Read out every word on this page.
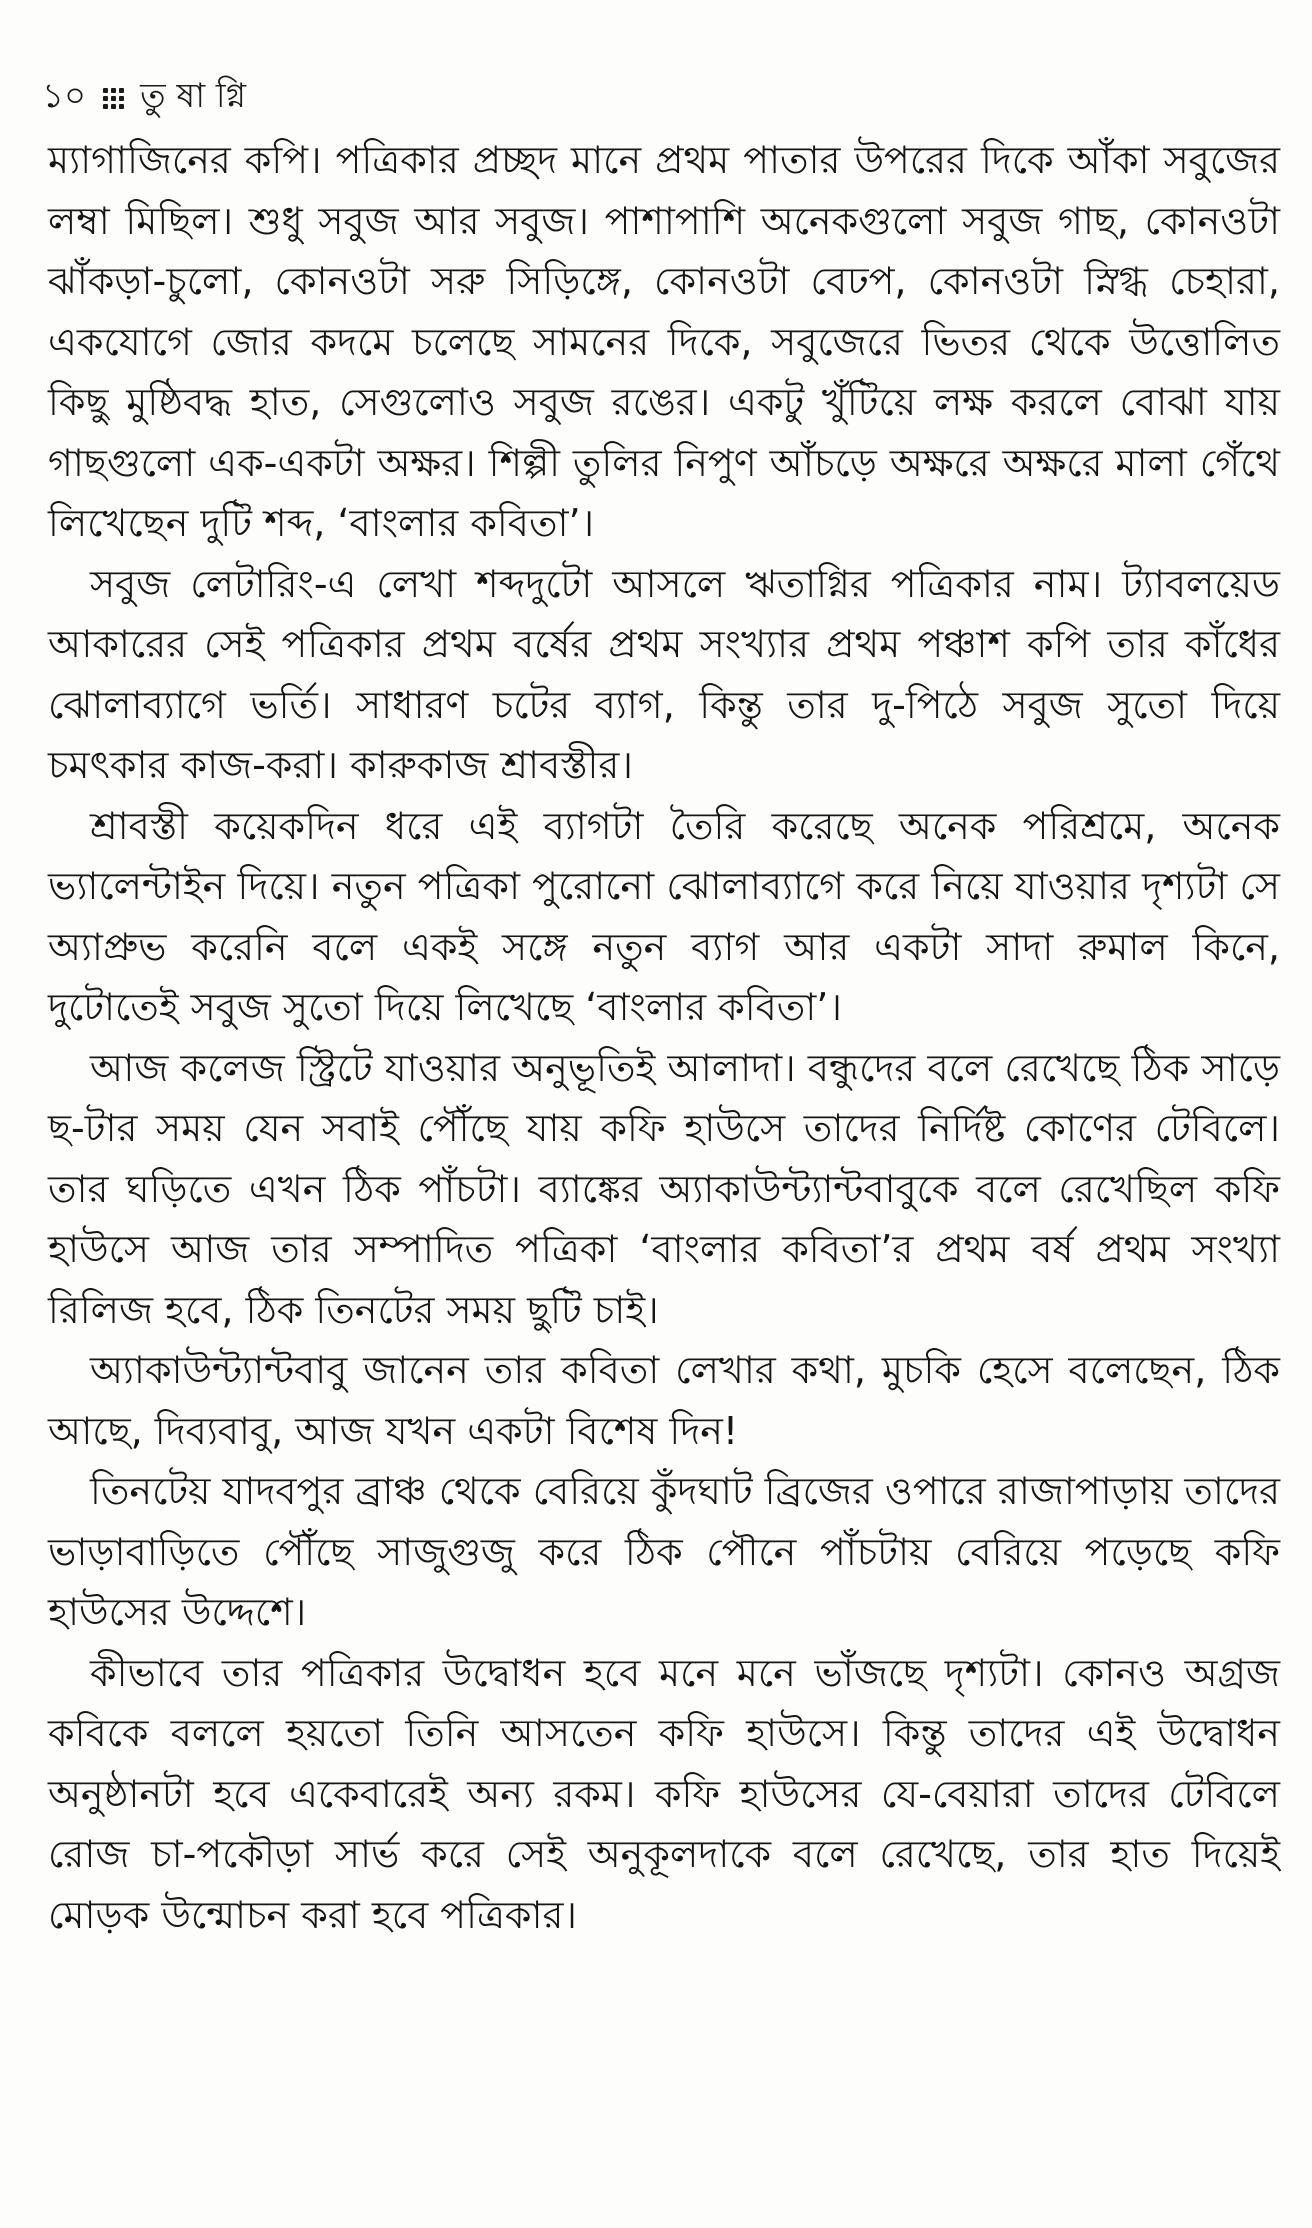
১০ তু ষা গ্নি

ম্যাগাজিনের কপি। পত্রিকার প্রচ্ছদ মানে প্রথম পাতার উপরের দিকে আঁকা সবুজের লম্বা মিছিল। শুধু সবুজ আর সবুজ। পাশাপাশি অনেকগুলো সবুজ গাছ, কোনওটা ঝাঁকড়া-চুলো, কোনওটা সরু সিড়িঙ্গে, কোনওটা বেঢপ, কোনওটা স্নিগ্ধ চেহারা, একযোগে জোর কদমে চলেছে সামনের দিকে, সবুজেরে ভিতর থেকে উত্তোলিত কিছু মুষ্ঠিবদ্ধ হাত, সেগুলোও সবুজ রঙের। একটু খুঁটিয়ে লক্ষ করলে বোঝা যায় গাছগুলো এক-একটা অক্ষর। শিল্পী তুলির নিপুণ আঁচড়ে অক্ষরে অক্ষরে মালা গেঁথে লিখেছেন দুটি শব্দ, ‘বাংলার কবিতা’।

সবুজ লেটারিং-এ লেখা শব্দদুটো আসলে ঋতাগ্নির পত্রিকার নাম। ট্যাবলয়েড আকারের সেই পত্রিকার প্রথম বর্ষের প্রথম সংখ্যার প্রথম পঞ্চাশ কপি তার কাঁধের ঝোলাব্যাগে ভর্তি। সাধারণ চটের ব্যাগ, কিন্তু তার দু-পিঠে সবুজ সুতো দিয়ে চমৎকার কাজ-করা। কারুকাজ শ্রাবস্তীর।

শ্রাবস্তী কয়েকদিন ধরে এই ব্যাগটা তৈরি করেছে অনেক পরিশ্রমে, অনেক ভ্যালেন্টাইন দিয়ে। নতুন পত্রিকা পুরোনো ঝোলাব্যাগে করে নিয়ে যাওয়ার দৃশ্যটা সে অ্যাপ্রুভ করেনি বলে একই সঙ্গে নতুন ব্যাগ আর একটা সাদা রুমাল কিনে, দুটোতেই সবুজ সুতো দিয়ে লিখেছে ‘বাংলার কবিতা’।

আজ কলেজ স্ট্রিটে যাওয়ার অনুভূতিই আলাদা। বন্ধুদের বলে রেখেছে ঠিক সাড়ে ছ-টার সময় যেন সবাই পৌঁছে যায় কফি হাউসে তাদের নির্দিষ্ট কোণের টেবিলে। তার ঘড়িতে এখন ঠিক পাঁচটা। ব্যাঙ্কের অ্যাকাউন্ট্যান্টবাবুকে বলে রেখেছিল কফি হাউসে আজ তার সম্পাদিত পত্রিকা ‘বাংলার কবিতা’র প্রথম বর্ষ প্রথম সংখ্যা রিলিজ হবে, ঠিক তিনটের সময় ছুটি চাই।

অ্যাকাউন্ট্যান্টবাবু জানেন তার কবিতা লেখার কথা, মুচকি হেসে বলেছেন, ঠিক আছে, দিব্যবাবু, আজ যখন একটা বিশেষ দিন!

তিনটেয় যাদবপুর ব্রাঞ্চ থেকে বেরিয়ে কুঁদঘাট ব্রিজের ওপারে রাজাপাড়ায় তাদের ভাড়াবাড়িতে পৌঁছে সাজুগুজু করে ঠিক পৌনে পাঁচটায় বেরিয়ে পড়েছে কফি হাউসের উদ্দেশে।

কীভাবে তার পত্রিকার উদ্বোধন হবে মনে মনে ভাঁজছে দৃশ্যটা। কোনও অগ্রজ কবিকে বললে হয়তো তিনি আসতেন কফি হাউসে। কিন্তু তাদের এই উদ্বোধন অনুষ্ঠানটা হবে একেবারেই অন্য রকম। কফি হাউসের যে-বেয়ারা তাদের টেবিলে রোজ চা-পকৌড়া সার্ভ করে সেই অনুকূলদাকে বলে রেখেছে, তার হাত দিয়েই মোড়ক উন্মোচন করা হবে পত্রিকার।
